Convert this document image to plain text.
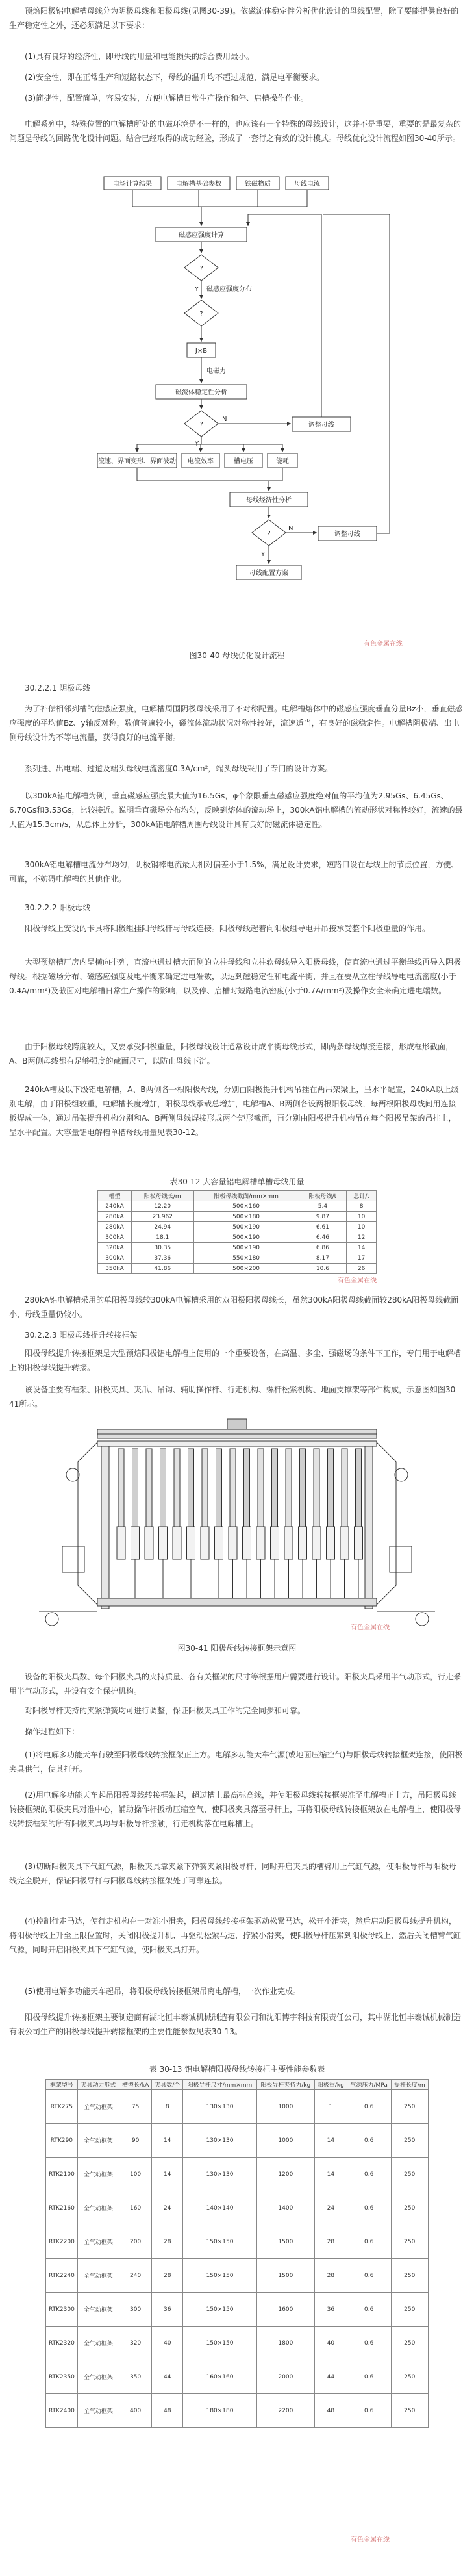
预焙阳极铝电解槽母线分为阴极母线和阳极母线(见图30-39)。依磁流体稳定性分析优化设计的母线配置，除了要能提供良好的生产稳定性之外，还必须满足以下要求：

(1)具有良好的经济性，即母线的用量和电能损失的综合费用最小。

(2)安全性，即在正常生产和短路状态下，母线的温升均不超过规范，满足电平衡要求。

(3)简捷性，配置简单，容易安装，方便电解槽日常生产操作和停、启槽操作作业。

电解系列中，特殊位置的电解槽所处的电磁环境是不一样的，也应该有一个特殊的母线设计，这并不是重要，重要的是最复杂的问题是母线的回路优化设计问题。结合已经取得的成功经验，形成了一套行之有效的设计模式。母线优化设计流程如图30-40所示。

电场计算结果	电解槽基础参数	铁磁物质	母线电流
磁感应强度计算
?
磁感应强度分布
?
J×B
电磁力
磁流体稳定性分析
?	调整母线
流速、界面变形、界面波动 电流效率	槽电压	能耗
母线经济性分析
?	调整母线
母线配置方案
Y
N
Y
N
Y
有色金属在线
图30-40 母线优化设计流程
30.2.2.1 阴极母线

为了补偿相邻列槽的磁感应强度，电解槽周围阴极母线采用了不对称配置。电解槽熔体中的磁感应强度垂直分量Bz小，垂直磁感应强度的平均值Bz、y轴反对称，数值普遍较小，磁流体流动状况对称性较好，流速适当，有良好的磁稳定性。电解槽阴极端、出电侧母线设计为不等电流量，获得良好的电流平衡。

系列进、出电端、过道及端头母线电流密度0.3A/cm²，端头母线采用了专门的设计方案。

以300kA铝电解槽为例，垂直磁感应强度最大值为16.5Gs，φ个象限垂直磁感应强度绝对值的平均值为2.95Gs、6.45Gs、6.70Gs和3.53Gs，比较接近。说明垂直磁场分布均匀，反映到熔体的流动场上，300kA铝电解槽的流动形状对称性较好，流速的最大值为15.3cm/s，从总体上分析，300kA铝电解槽周围母线设计具有良好的磁流体稳定性。

300kA铝电解槽电流分布均匀，阴极钢棒电流最大相对偏差小于1.5%，满足设计要求，短路口设在母线上的节点位置，方便、可靠，不妨碍电解槽的其他作业。

30.2.2.2 阳极母线

阳极母线上安设的卡具将阳极组挂阳母线杆与母线连接。阳极母线起着向阳极组导电并吊接承受整个阳极重量的作用。

大型预焙槽厂房内呈横向排列，直流电通过槽大面侧的立柱母线和立柱软母线导入阳极母线，使直流电通过平衡母线再导入阴极母线。根据磁场分布、磁感应强度及电平衡来确定进电端数，以达到磁稳定性和电流平衡，并且在要从立柱母线导电电流密度(小于0.4A/mm²)及截面对电解槽日常生产操作的影响，以及停、启槽时短路电流密度(小于0.7A/mm²)及操作安全来确定进电端数。

由于阳极母线跨度较大，又要承受阳极重量，阳极母线设计通常设计成平衡母线形式，即两条母线焊接连接，形成框形截面，A、B两侧母线都有足够强度的截面尺寸，以防止母线下沉。

240kA槽及以下级铝电解槽，A、B两侧各一根阳极母线，分别由阳极提升机构吊挂在两吊架梁上，呈水平配置，240kA以上级别电解，由于阳极组较重，电解槽长度增加，阳极母线承载总增加，电解槽A、B两侧各设两根阳极母线，每两根阳极母线间用连接板焊成一体，通过吊架提升机构分别和A、B两侧母线焊接形成两个矩形截面，再分别由阳极提升机构吊在每个阳极吊架的吊挂上，呈水平配置。大容量铝电解槽单槽母线用量见表30-12。

表30-12 大容量铝电解槽单槽母线用量
槽型	阳极母线长/m	阳极母线截面/mm×mm	阳极母线/t	总计/t
240kA	12.20	500×160	5.4	8
280kA	23.962	500×180	9.87	10
280kA	24.94	500×190	6.61	10
300kA	18.1	500×190	6.46	12
320kA	30.35	500×190	6.86	14
300kA	37.36	550×180	8.17	17
350kA	41.86	500×200	10.6	26
有色金属在线

280kA铝电解槽采用的单阳极母线较300kA电解槽采用的双阳极阳极母线长，虽然300kA阳极母线截面较280kA阳极母线截面小，母线重量仍较小。

30.2.2.3 阳极母线提升转接框架

阳极母线提升转接框架是大型预焙阳极铝电解槽上使用的一个重要设备，在高温、多尘、强磁场的条件下工作，专门用于电解槽上的阳极母线提升转接。

该设备主要有框架、阳极夹具、夹爪、吊钩、辅助操作杆、行走机构、螺杆松紧机构、地面支撑架等部件构成，示意图如图30-41所示。

有色金属在线
图30-41 阳极母线转接框架示意图

设备的阳极夹具数、每个阳极夹具的夹持质量、各有关框架的尺寸等根据用户需要进行设计。阳极夹具采用半气动形式，行走采用半气动形式，并设有安全保护机构。

对阳极导杆夹持的夹紧弹簧均可进行调整，保证阳极夹具工作的完全同步和可靠。

操作过程如下：

(1)将电解多功能天车行驶至阳极母线转接框架正上方。电解多功能天车气源(或地面压缩空气)与阳极母线转接框架连接，使阳极夹具供气，使其打开。

(2)用电解多功能天车起吊阳极母线转接框架起，超过槽上最高标高线，并使阳极母线转接框架准至电解槽正上方，吊阳极母线转接框架的阳极夹具对准中心，辅助操作杆扳动压缩空气，使阳极夹具落至导杆上，再将阳极母线转接框架放在电解槽上，使阳极母线转接框架的所有阳极夹具均与阳极导杆接触，行走机构落在电解槽上。

(3)切断阳极夹具下气缸气源，阳极夹具靠夹紧下弹簧夹紧阳极导杆，同时开启夹具的槽臂用上气缸气源，使阳极导杆与阳极母线完全脱开，保证阳极导杆与阳极母线转接框架处于可靠连接。

(4)控制行走马达，使行走机构在一对准小滑夹，阳极母线转接框架驱动松紧马达，松开小滑夹，然后启动阳极母线提升机构，将阳极母线上升至上限位置时，关闭阳极提升机、再驱动松紧马达，拧紧小滑夹，使阳极导杆压紧到阳极母线上，然后关闭槽臂气缸气源，同时开启阳极夹具下气缸气源，使阳极夹具打开。

(5)使用电解多功能天车起吊，将阳极母线转接框架吊离电解槽，一次作业完成。

阳极母线提升转接框架主要制造商有湖北恒丰泰诚机械制造有限公司和沈阳博宇科技有限责任公司，其中湖北恒丰泰诚机械制造有限公司生产的阳极母线提升转接框架的主要性能参数见表30-13。

表 30-13 铝电解槽阳极母线转接框主要性能参数表
框架型号	夹具动力形式	槽型长/kA	夹具数/个	阳极导杆尺寸/mm×mm	阳极导杆夹持力/kg	阳极重/kg	气源压力/MPa	提杆长度/m
RTK275	全气动框架	75	8	130×130	1000	1	0.6	250
RTK290	全气动框架	90	14	130×130	1000	14	0.6	250
RTK2100	全气动框架	100	14	130×130	1200	14	0.6	250
RTK2160	全气动框架	160	24	140×140	1400	24	0.6	250
RTK2200	全气动框架	200	28	150×150	1500	28	0.6	250
RTK2240	全气动框架	240	28	150×150	1500	28	0.6	250
RTK2300	全气动框架	300	36	150×150	1600	36	0.6	250
RTK2320	全气动框架	320	40	150×150	1800	40	0.6	250
RTK2350	全气动框架	350	44	160×160	2000	44	0.6	250
RTK2400	全气动框架	400	48	180×180	2200	48	0.6	250
有色金属在线
